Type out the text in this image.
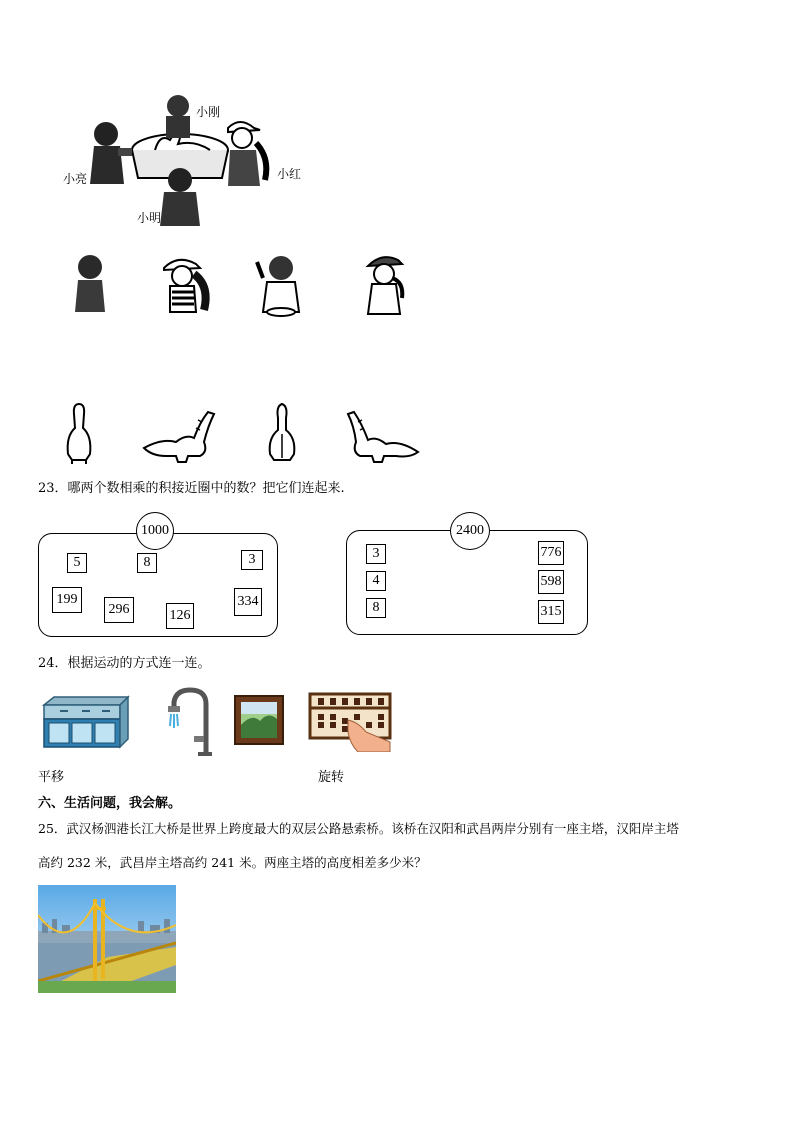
小刚
小亮	小红
小明
23．哪两个数相乘的积接近圈中的数？把它们连起来.
1000
5	8	3
199
296	126
334
2400
3
4
8
776
598
315
24．根据运动的方式连一连。
平移	旋转
六、生活问题，我会解。
25．武汉杨泗港长江大桥是世界上跨度最大的双层公路悬索桥。该桥在汉阳和武昌两岸分别有一座主塔，汉阳岸主塔
高约 232 米，武昌岸主塔高约 241 米。两座主塔的高度相差多少米？
